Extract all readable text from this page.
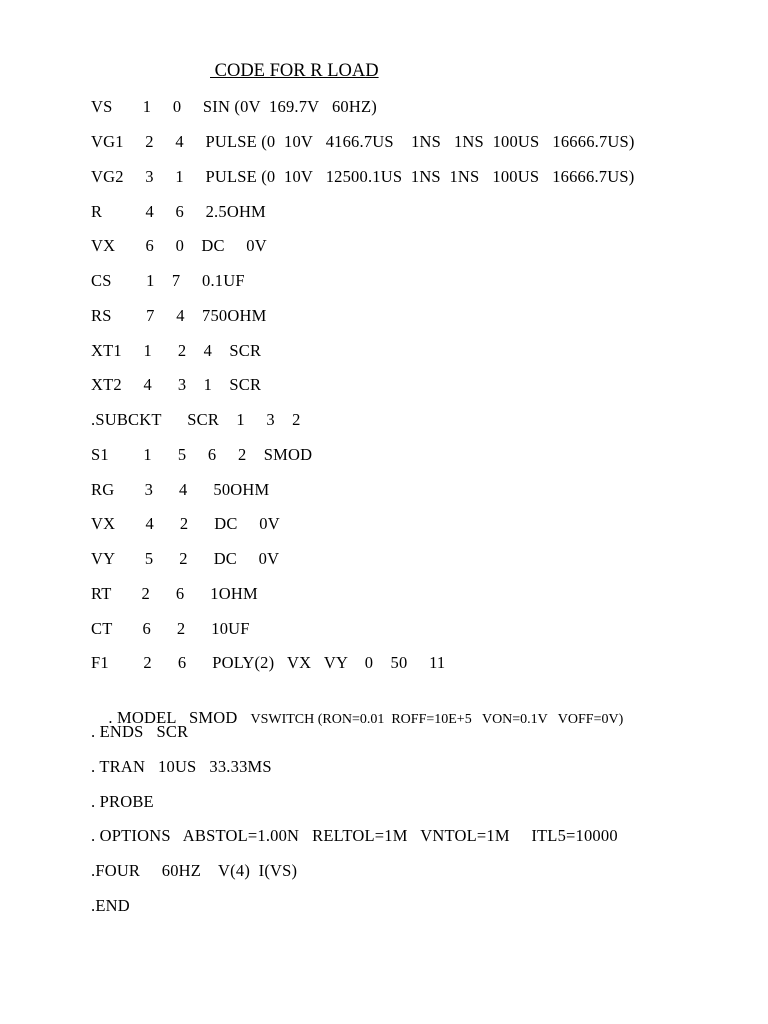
CODE FOR R LOAD
VS       1     0     SIN (0V  169.7V   60HZ)
VG1     2     4     PULSE (0  10V   4166.7US    1NS   1NS  100US   16666.7US)
VG2     3     1     PULSE (0  10V   12500.1US  1NS  1NS   100US   16666.7US)
R          4     6     2.5OHM
VX       6     0    DC     0V
CS        1    7     0.1UF
RS        7     4    750OHM
XT1     1      2    4    SCR
XT2     4      3    1    SCR
.SUBCKT      SCR    1     3    2
S1        1      5     6     2    SMOD
RG       3      4      50OHM
VX       4      2      DC     0V
VY       5      2      DC     0V
RT       2      6      1OHM
CT       6      2      10UF
F1        2      6      POLY(2)   VX   VY    0    50     11

. MODEL   SMOD   VSWITCH (RON=0.01  ROFF=10E+5   VON=0.1V   VOFF=0V)

. ENDS   SCR
. TRAN   10US   33.33MS
. PROBE
. OPTIONS   ABSTOL=1.00N   RELTOL=1M   VNTOL=1M     ITL5=10000
.FOUR     60HZ    V(4)  I(VS)
.END
